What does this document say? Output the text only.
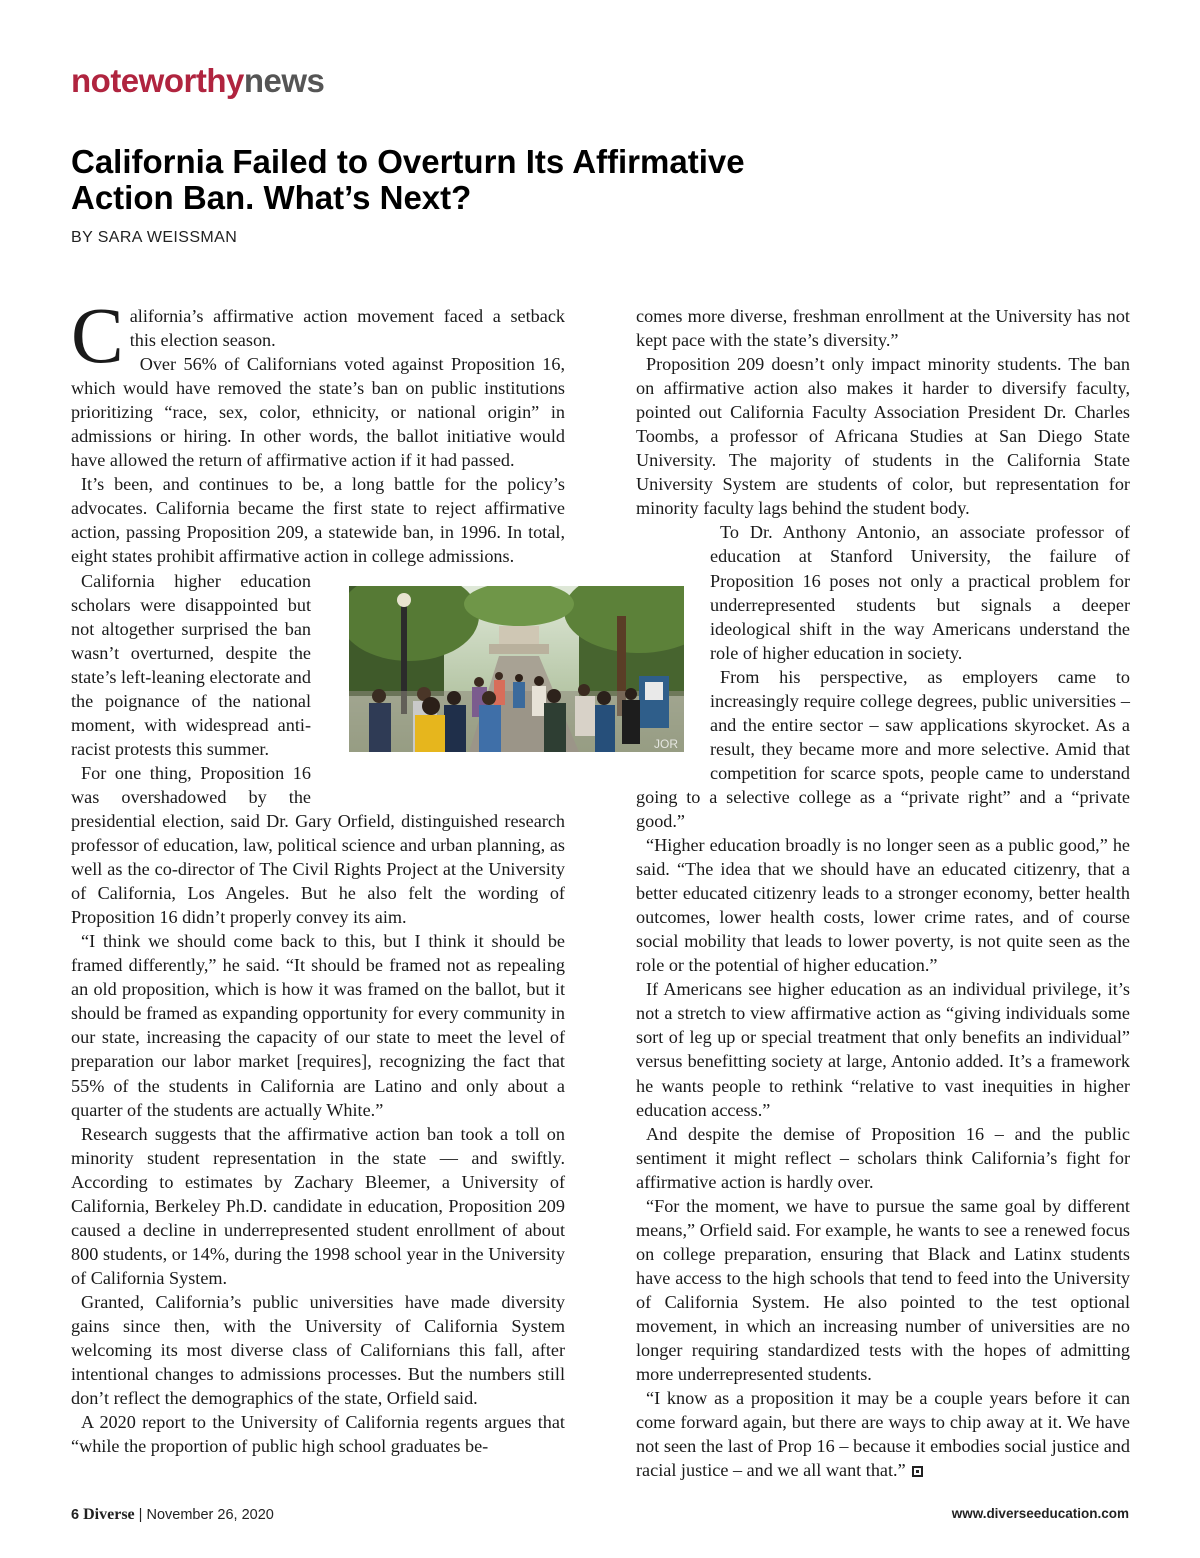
noteworthynews
California Failed to Overturn Its Affirmative Action Ban. What’s Next?
BY SARA WEISSMAN
C alifornia’s affirmative action movement faced a setback this election season.

Over 56% of Californians voted against Proposition 16, which would have removed the state’s ban on public institutions prioritizing “race, sex, color, ethnicity, or national origin” in admissions or hiring. In other words, the ballot initiative would have allowed the return of affirmative action if it had passed.

It’s been, and continues to be, a long battle for the policy’s advocates. California became the first state to reject affirmative action, passing Proposition 209, a statewide ban, in 1996. In total, eight states prohibit affirmative action in college admissions.

California higher education scholars were disappointed but not altogether surprised the ban wasn’t overturned, despite the state’s left-leaning electorate and the poignance of the national moment, with widespread anti-racist protests this summer.

For one thing, Proposition 16 was overshadowed by the presidential election, said Dr. Gary Orfield, distinguished research professor of education, law, political science and urban planning, as well as the co-director of The Civil Rights Project at the University of California, Los Angeles. But he also felt the wording of Proposition 16 didn’t properly convey its aim.

“I think we should come back to this, but I think it should be framed differently,” he said. “It should be framed not as repealing an old proposition, which is how it was framed on the ballot, but it should be framed as expanding opportunity for every community in our state, increasing the capacity of our state to meet the level of preparation our labor market [requires], recognizing the fact that 55% of the students in California are Latino and only about a quarter of the students are actually White.”

Research suggests that the affirmative action ban took a toll on minority student representation in the state — and swiftly. According to estimates by Zachary Bleemer, a University of California, Berkeley Ph.D. candidate in education, Proposition 209 caused a decline in underrepresented student enrollment of about 800 students, or 14%, during the 1998 school year in the University of California System.

Granted, California’s public universities have made diversity gains since then, with the University of California System welcoming its most diverse class of Californians this fall, after intentional changes to admissions processes. But the numbers still don’t reflect the demographics of the state, Orfield said.

A 2020 report to the University of California regents argues that “while the proportion of public high school graduates be-

comes more diverse, freshman enrollment at the University has not kept pace with the state’s diversity.”

Proposition 209 doesn’t only impact minority students. The ban on affirmative action also makes it harder to diversify faculty, pointed out California Faculty Association President Dr. Charles Toombs, a professor of Africana Studies at San Diego State University. The majority of students in the California State University System are students of color, but representation for minority faculty lags behind the student body.

To Dr. Anthony Antonio, an associate professor of education at Stanford University, the failure of Proposition 16 poses not only a practical problem for underrepresented students but signals a deeper ideological shift in the way Americans understand the role of higher education in society.

From his perspective, as employers came to increasingly require college degrees, public universities – and the entire sector – saw applications skyrocket. As a result, they became more and more selective. Amid that competition for scarce spots, people came to understand going to a selective college as a “private right” and a “private good.”

“Higher education broadly is no longer seen as a public good,” he said. “The idea that we should have an educated citizenry, that a better educated citizenry leads to a stronger economy, better health outcomes, lower health costs, lower crime rates, and of course social mobility that leads to lower poverty, is not quite seen as the role or the potential of higher education.”

If Americans see higher education as an individual privilege, it’s not a stretch to view affirmative action as “giving individuals some sort of leg up or special treatment that only benefits an individual” versus benefitting society at large, Antonio added. It’s a framework he wants people to rethink “relative to vast inequities in higher education access.”

And despite the demise of Proposition 16 – and the public sentiment it might reflect – scholars think California’s fight for affirmative action is hardly over.

“For the moment, we have to pursue the same goal by different means,” Orfield said. For example, he wants to see a renewed focus on college preparation, ensuring that Black and Latinx students have access to the high schools that tend to feed into the University of California System. He also pointed to the test optional movement, in which an increasing number of universities are no longer requiring standardized tests with the hopes of admitting more underrepresented students.

“I know as a proposition it may be a couple years before it can come forward again, but there are ways to chip away at it. We have not seen the last of Prop 16 – because it embodies social justice and racial justice – and we all want that.”

JOR
6 Diverse | November 26, 2020	www.diverseeducation.com
